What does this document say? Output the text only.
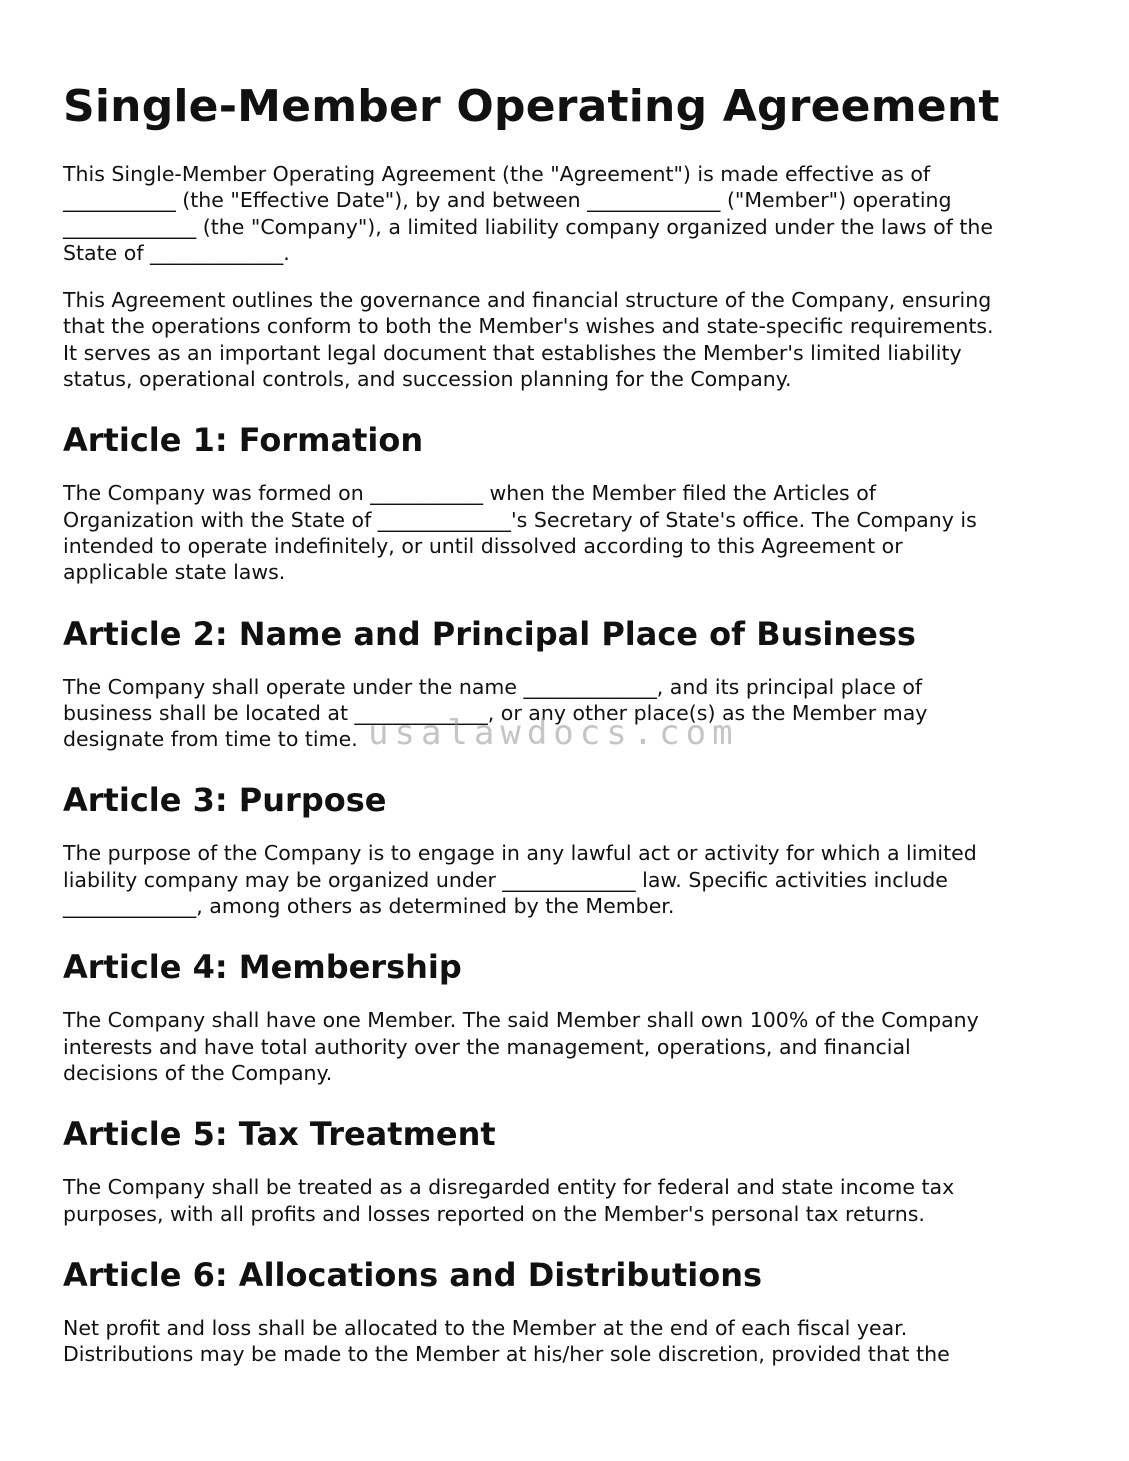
Single-Member Operating Agreement

This Single-Member Operating Agreement (the "Agreement") is made effective as of
___________ (the "Effective Date"), by and between _____________ ("Member") operating
_____________ (the "Company"), a limited liability company organized under the laws of the
State of _____________.

This Agreement outlines the governance and financial structure of the Company, ensuring
that the operations conform to both the Member's wishes and state-specific requirements.
It serves as an important legal document that establishes the Member's limited liability
status, operational controls, and succession planning for the Company.

Article 1: Formation

The Company was formed on ___________ when the Member filed the Articles of
Organization with the State of _____________'s Secretary of State's office. The Company is
intended to operate indefinitely, or until dissolved according to this Agreement or
applicable state laws.

Article 2: Name and Principal Place of Business

The Company shall operate under the name _____________, and its principal place of
business shall be located at _____________, or any other place(s) as the Member may
designate from time to time.

Article 3: Purpose

The purpose of the Company is to engage in any lawful act or activity for which a limited
liability company may be organized under _____________ law. Specific activities include
_____________, among others as determined by the Member.

Article 4: Membership

The Company shall have one Member. The said Member shall own 100% of the Company
interests and have total authority over the management, operations, and financial
decisions of the Company.

Article 5: Tax Treatment

The Company shall be treated as a disregarded entity for federal and state income tax
purposes, with all profits and losses reported on the Member's personal tax returns.

Article 6: Allocations and Distributions

Net profit and loss shall be allocated to the Member at the end of each fiscal year.
Distributions may be made to the Member at his/her sole discretion, provided that the

usalawdocs.com
